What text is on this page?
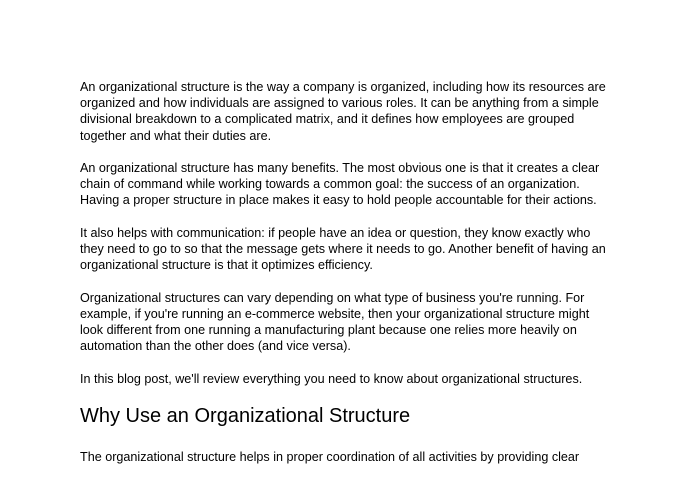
An organizational structure is the way a company is organized, including how its resources are organized and how individuals are assigned to various roles. It can be anything from a simple divisional breakdown to a complicated matrix, and it defines how employees are grouped together and what their duties are.

An organizational structure has many benefits. The most obvious one is that it creates a clear chain of command while working towards a common goal: the success of an organization. Having a proper structure in place makes it easy to hold people accountable for their actions.

It also helps with communication: if people have an idea or question, they know exactly who they need to go to so that the message gets where it needs to go. Another benefit of having an organizational structure is that it optimizes efficiency.

Organizational structures can vary depending on what type of business you're running. For example, if you're running an e-commerce website, then your organizational structure might look different from one running a manufacturing plant because one relies more heavily on automation than the other does (and vice versa).

In this blog post, we'll review everything you need to know about organizational structures.

Why Use an Organizational Structure

The organizational structure helps in proper coordination of all activities by providing clear
